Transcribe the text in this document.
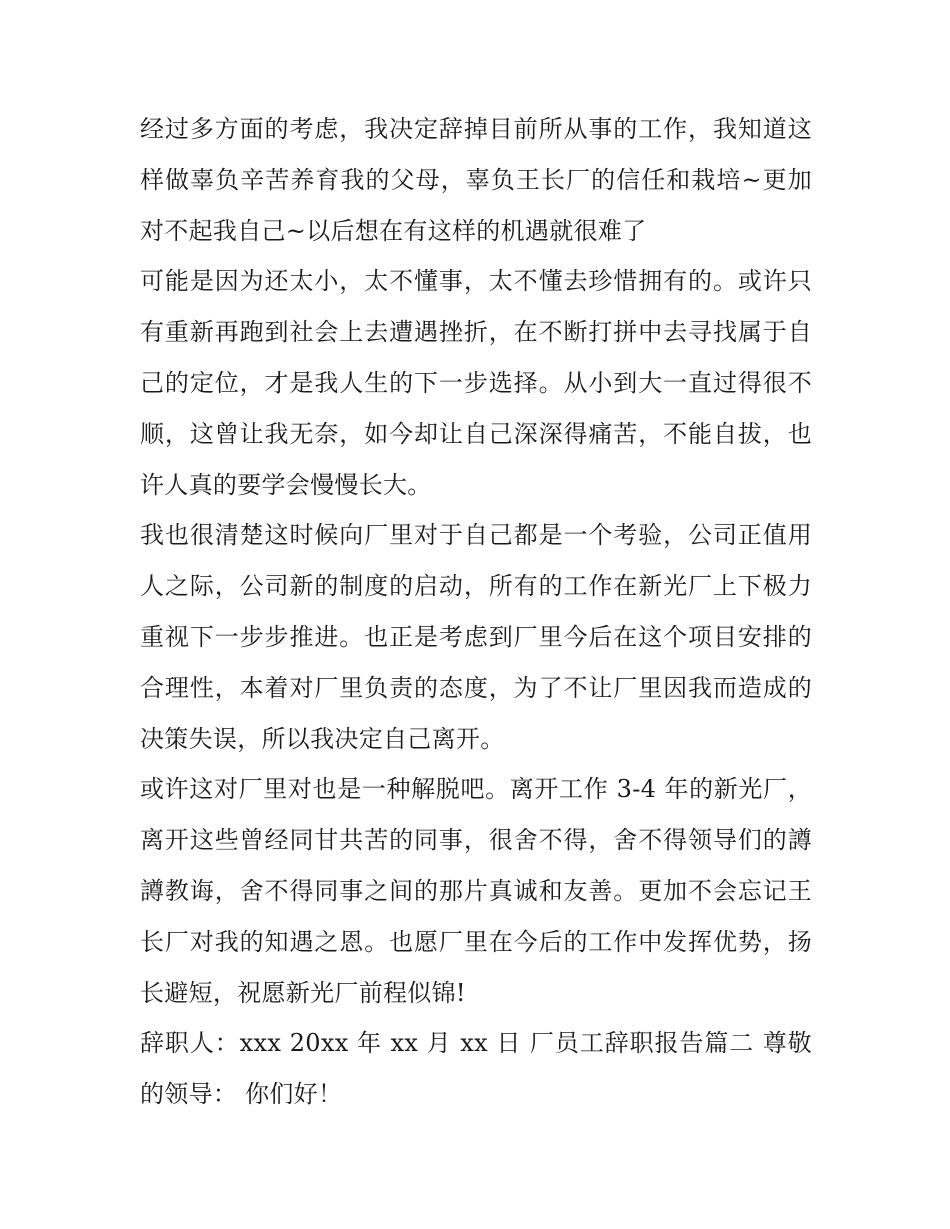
经过多方面的考虑，我决定辞掉目前所从事的工作，我知道这样做辜负辛苦养育我的父母，辜负王长厂的信任和栽培~更加对不起我自己~以后想在有这样的机遇就很难了

可能是因为还太小，太不懂事，太不懂去珍惜拥有的。或许只有重新再跑到社会上去遭遇挫折，在不断打拼中去寻找属于自己的定位，才是我人生的下一步选择。从小到大一直过得很不顺，这曾让我无奈，如今却让自己深深得痛苦，不能自拔，也许人真的要学会慢慢长大。

我也很清楚这时候向厂里对于自己都是一个考验，公司正值用人之际，公司新的制度的启动，所有的工作在新光厂上下极力重视下一步步推进。也正是考虑到厂里今后在这个项目安排的合理性，本着对厂里负责的态度，为了不让厂里因我而造成的决策失误，所以我决定自己离开。

或许这对厂里对也是一种解脱吧。离开工作 3-4 年的新光厂，离开这些曾经同甘共苦的同事，很舍不得，舍不得领导们的譐譐教诲，舍不得同事之间的那片真诚和友善。更加不会忘记王长厂对我的知遇之恩。也愿厂里在今后的工作中发挥优势，扬长避短，祝愿新光厂前程似锦!

辞职人：xxx 20xx 年 xx 月 xx 日 厂员工辞职报告篇二 尊敬的领导： 你们好！
